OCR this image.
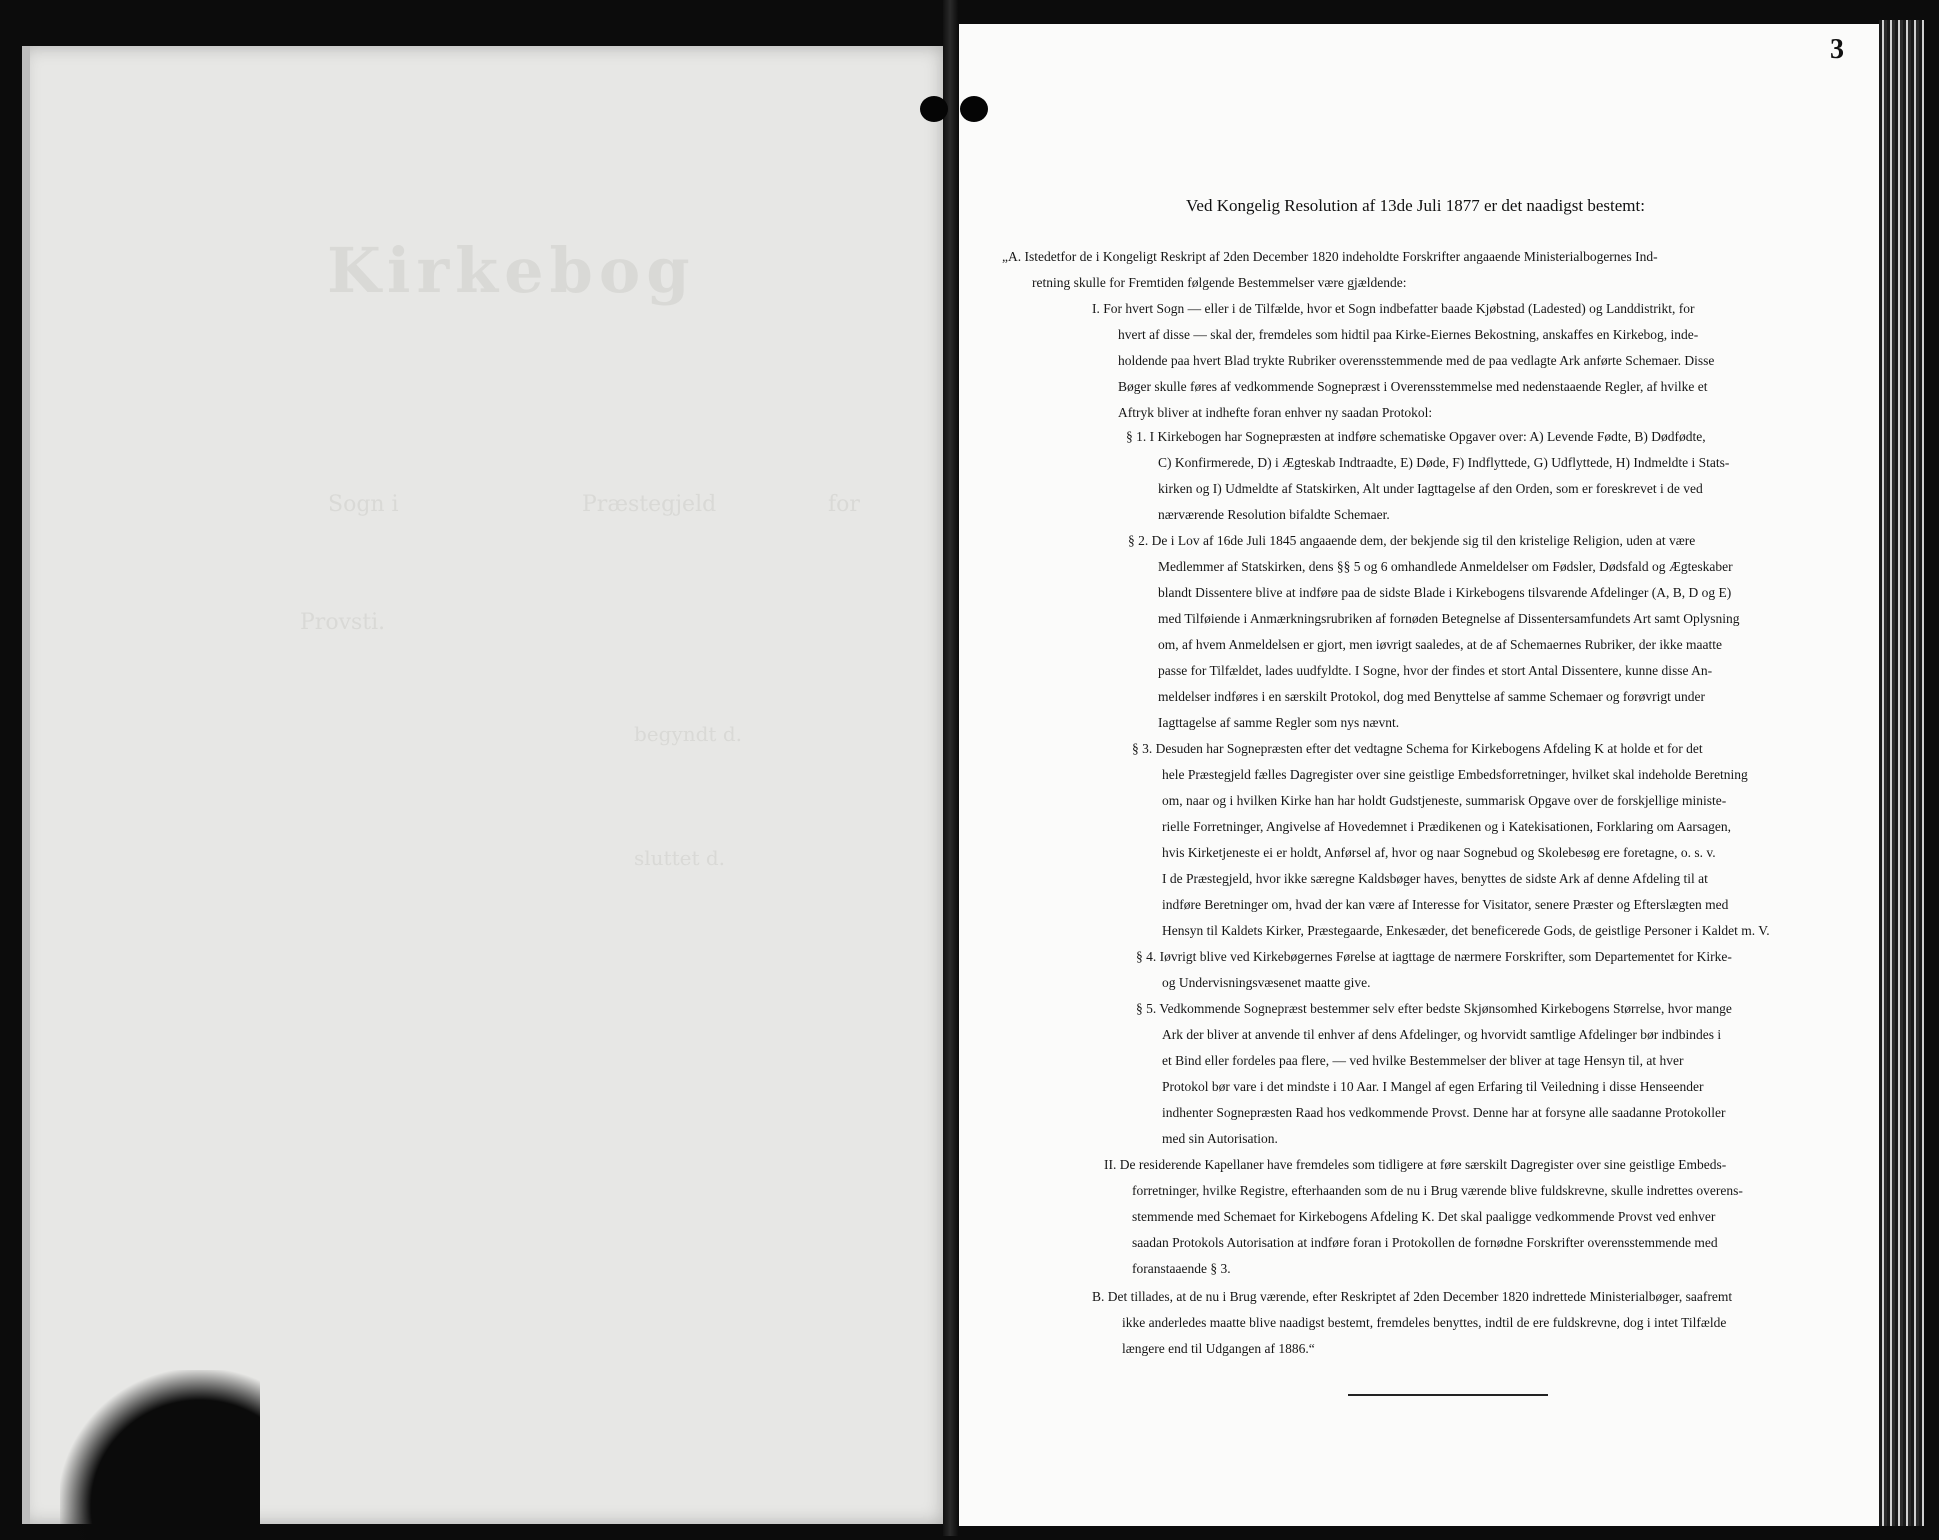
Kirkebog
for
Sogn i	Præstegjeld
Provsti.
begyndt d.
sluttet d.
3
Ved Kongelig Resolution af 13de Juli 1877 er det naadigst bestemt:
„A. Istedetfor de i Kongeligt Reskript af 2den December 1820 indeholdte Forskrifter angaaende Ministerialbogernes Ind-
retning skulle for Fremtiden følgende Bestemmelser være gjældende:
I. For hvert Sogn — eller i de Tilfælde, hvor et Sogn indbefatter baade Kjøbstad (Ladested) og Landdistrikt, for
hvert af disse — skal der, fremdeles som hidtil paa Kirke-Eiernes Bekostning, anskaffes en Kirkebog, inde-
holdende paa hvert Blad trykte Rubriker overensstemmende med de paa vedlagte Ark anførte Schemaer. Disse
Bøger skulle føres af vedkommende Sognepræst i Overensstemmelse med nedenstaaende Regler, af hvilke et
Aftryk bliver at indhefte foran enhver ny saadan Protokol:
§ 1. I Kirkebogen har Sognepræsten at indføre schematiske Opgaver over: A) Levende Fødte, B) Dødfødte,
C) Konfirmerede, D) i Ægteskab Indtraadte, E) Døde, F) Indflyttede, G) Udflyttede, H) Indmeldte i Stats-
kirken og I) Udmeldte af Statskirken, Alt under Iagttagelse af den Orden, som er foreskrevet i de ved
nærværende Resolution bifaldte Schemaer.
§ 2. De i Lov af 16de Juli 1845 angaaende dem, der bekjende sig til den kristelige Religion, uden at være
Medlemmer af Statskirken, dens §§ 5 og 6 omhandlede Anmeldelser om Fødsler, Dødsfald og Ægteskaber
blandt Dissentere blive at indføre paa de sidste Blade i Kirkebogens tilsvarende Afdelinger (A, B, D og E)
med Tilføiende i Anmærkningsrubriken af fornøden Betegnelse af Dissentersamfundets Art samt Oplysning
om, af hvem Anmeldelsen er gjort, men iøvrigt saaledes, at de af Schemaernes Rubriker, der ikke maatte
passe for Tilfældet, lades uudfyldte. I Sogne, hvor der findes et stort Antal Dissentere, kunne disse An-
meldelser indføres i en særskilt Protokol, dog med Benyttelse af samme Schemaer og forøvrigt under
Iagttagelse af samme Regler som nys nævnt.
§ 3. Desuden har Sognepræsten efter det vedtagne Schema for Kirkebogens Afdeling K at holde et for det
hele Præstegjeld fælles Dagregister over sine geistlige Embedsforretninger, hvilket skal indeholde Beretning
om, naar og i hvilken Kirke han har holdt Gudstjeneste, summarisk Opgave over de forskjellige ministe-
rielle Forretninger, Angivelse af Hovedemnet i Prædikenen og i Katekisationen, Forklaring om Aarsagen,
hvis Kirketjeneste ei er holdt, Anførsel af, hvor og naar Sognebud og Skolebesøg ere foretagne, o. s. v.
I de Præstegjeld, hvor ikke særegne Kaldsbøger haves, benyttes de sidste Ark af denne Afdeling til at
indføre Beretninger om, hvad der kan være af Interesse for Visitator, senere Præster og Efterslægten med
Hensyn til Kaldets Kirker, Præstegaarde, Enkesæder, det beneficerede Gods, de geistlige Personer i Kaldet m. V.
§ 4. Iøvrigt blive ved Kirkebøgernes Førelse at iagttage de nærmere Forskrifter, som Departementet for Kirke-
og Undervisningsvæsenet maatte give.
§ 5. Vedkommende Sognepræst bestemmer selv efter bedste Skjønsomhed Kirkebogens Størrelse, hvor mange
Ark der bliver at anvende til enhver af dens Afdelinger, og hvorvidt samtlige Afdelinger bør indbindes i
et Bind eller fordeles paa flere, — ved hvilke Bestemmelser der bliver at tage Hensyn til, at hver
Protokol bør vare i det mindste i 10 Aar. I Mangel af egen Erfaring til Veiledning i disse Henseender
indhenter Sognepræsten Raad hos vedkommende Provst. Denne har at forsyne alle saadanne Protokoller
med sin Autorisation.
II. De residerende Kapellaner have fremdeles som tidligere at føre særskilt Dagregister over sine geistlige Embeds-
forretninger, hvilke Registre, efterhaanden som de nu i Brug værende blive fuldskrevne, skulle indrettes overens-
stemmende med Schemaet for Kirkebogens Afdeling K. Det skal paaligge vedkommende Provst ved enhver
saadan Protokols Autorisation at indføre foran i Protokollen de fornødne Forskrifter overensstemmende med
foranstaaende § 3.
B. Det tillades, at de nu i Brug værende, efter Reskriptet af 2den December 1820 indrettede Ministerialbøger, saafremt
ikke anderledes maatte blive naadigst bestemt, fremdeles benyttes, indtil de ere fuldskrevne, dog i intet Tilfælde
længere end til Udgangen af 1886.“
